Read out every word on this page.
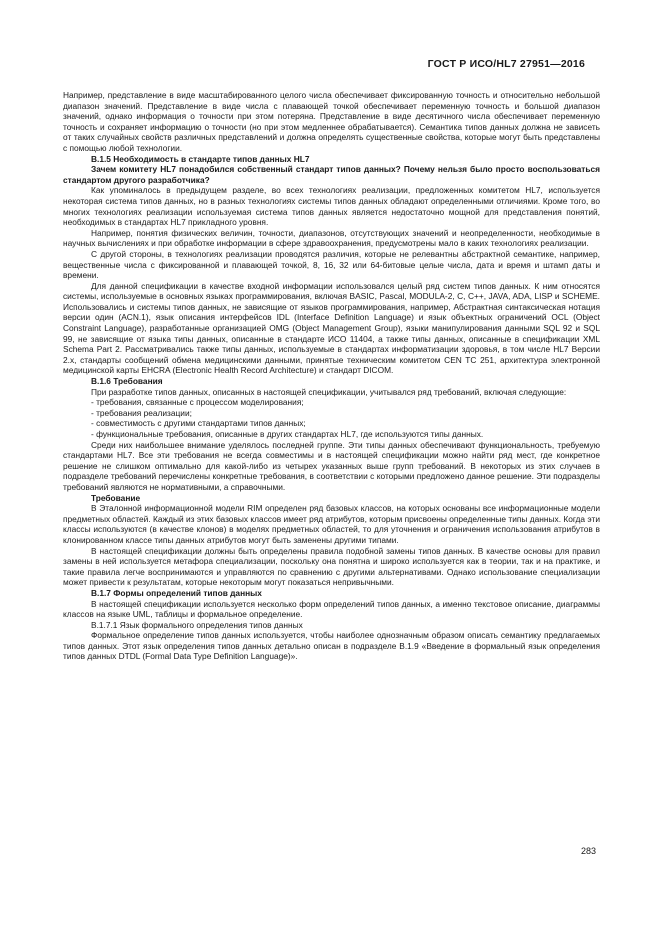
ГОСТ Р ИСО/HL7 27951—2016

Например, представление в виде масштабированного целого числа обеспечивает фиксированную точность и относительно небольшой диапазон значений. Представление в виде числа с плавающей точкой обеспечивает переменную точность и большой диапазон значений, однако информация о точности при этом потеряна. Представление в виде десятичного числа обеспечивает переменную точность и сохраняет информацию о точности (но при этом медленнее обрабатывается). Семантика типов данных должна не зависеть от таких случайных свойств различных представлений и должна определять существенные свойства, которые могут быть представлены с помощью любой технологии.

В.1.5 Необходимость в стандарте типов данных HL7

Зачем комитету HL7 понадобился собственный стандарт типов данных? Почему нельзя было просто воспользоваться стандартом другого разработчика?

Как упоминалось в предыдущем разделе, во всех технологиях реализации, предложенных комитетом HL7, используется некоторая система типов данных, но в разных технологиях системы типов данных обладают определенными отличиями. Кроме того, во многих технологиях реализации используемая система типов данных является недостаточно мощной для представления понятий, необходимых в стандартах HL7 прикладного уровня.

Например, понятия физических величин, точности, диапазонов, отсутствующих значений и неопределенности, необходимые в научных вычислениях и при обработке информации в сфере здравоохранения, предусмотрены мало в каких технологиях реализации.

С другой стороны, в технологиях реализации проводятся различия, которые не релевантны абстрактной семантике, например, вещественные числа с фиксированной и плавающей точкой, 8, 16, 32 или 64-битовые целые числа, дата и время и штамп даты и времени.

Для данной спецификации в качестве входной информации использовался целый ряд систем типов данных. К ним относятся системы, используемые в основных языках программирования, включая BASIC, Pascal, MODULA-2, C, C++, JAVA, ADA, LISP и SCHEME. Использовались и системы типов данных, не зависящие от языков программирования, например, Абстрактная синтаксическая нотация версии один (ACN.1), язык описания интерфейсов IDL (Interface Definition Language) и язык объектных ограничений OCL (Object Constraint Language), разработанные организацией OMG (Object Management Group), языки манипулирования данными SQL 92 и SQL 99, не зависящие от языка типы данных, описанные в стандарте ИСО 11404, а также типы данных, описанные в спецификации XML Schema Part 2. Рассматривались также типы данных, используемые в стандартах информатизации здоровья, в том числе HL7 Версии 2.x, стандарты сообщений обмена медицинскими данными, принятые техническим комитетом CEN TC 251, архитектура электронной медицинской карты EHCRA (Electronic Health Record Architecture) и стандарт DICOM.

В.1.6 Требования

При разработке типов данных, описанных в настоящей спецификации, учитывался ряд требований, включая следующие:

- требования, связанные с процессом моделирования;

- требования реализации;

- совместимость с другими стандартами типов данных;

- функциональные требования, описанные в других стандартах HL7, где используются типы данных.

Среди них наибольшее внимание уделялось последней группе. Эти типы данных обеспечивают функциональность, требуемую стандартами HL7. Все эти требования не всегда совместимы и в настоящей спецификации можно найти ряд мест, где конкретное решение не слишком оптимально для какой-либо из четырех указанных выше групп требований. В некоторых из этих случаев в подразделе требований перечислены конкретные требования, в соответствии с которыми предложено данное решение. Эти подразделы требований являются не нормативными, а справочными.

Требование

В Эталонной информационной модели RIM определен ряд базовых классов, на которых основаны все информационные модели предметных областей. Каждый из этих базовых классов имеет ряд атрибутов, которым присвоены определенные типы данных. Когда эти классы используются (в качестве клонов) в моделях предметных областей, то для уточнения и ограничения использования атрибутов в клонированном классе типы данных атрибутов могут быть заменены другими типами.

В настоящей спецификации должны быть определены правила подобной замены типов данных. В качестве основы для правил замены в ней используется метафора специализации, поскольку она понятна и широко используется как в теории, так и на практике, и такие правила легче воспринимаются и управляются по сравнению с другими альтернативами. Однако использование специализации может привести к результатам, которые некоторым могут показаться непривычными.

В.1.7 Формы определений типов данных

В настоящей спецификации используется несколько форм определений типов данных, а именно текстовое описание, диаграммы классов на языке UML, таблицы и формальное определение.

В.1.7.1 Язык формального определения типов данных

Формальное определение типов данных используется, чтобы наиболее однозначным образом описать семантику предлагаемых типов данных. Этот язык определения типов данных детально описан в подразделе В.1.9 «Введение в формальный язык определения типов данных DTDL (Formal Data Type Definition Language)».

283
